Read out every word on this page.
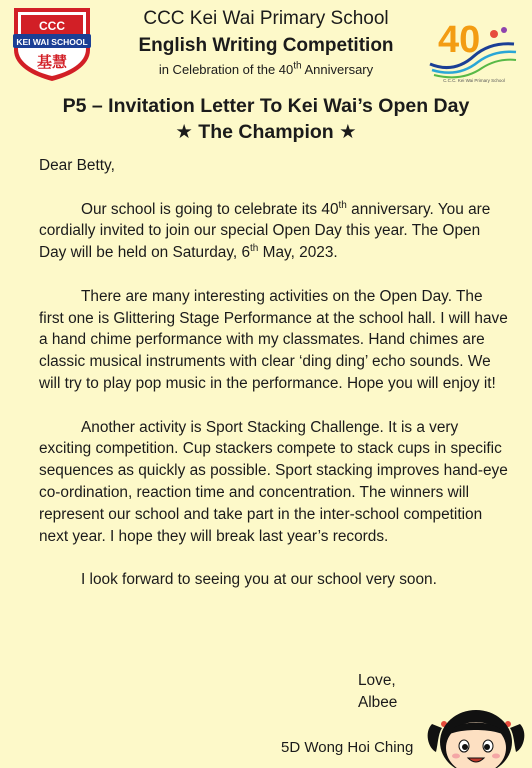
CCC
KEI WAI SCHOOL
基慧
CCC Kei Wai Primary School
English Writing Competition
in Celebration of the 40th Anniversary
40
C.C.C. Kei Wai Primary School
P5 – Invitation Letter To Kei Wai’s Open Day
★ The Champion ★

Dear Betty,

Our school is going to celebrate its 40th anniversary. You are cordially invited to join our special Open Day this year. The Open Day will be held on Saturday, 6th May, 2023.

There are many interesting activities on the Open Day. The first one is Glittering Stage Performance at the school hall. I will have a hand chime performance with my classmates. Hand chimes are classic musical instruments with clear ‘ding ding’ echo sounds. We will try to play pop music in the performance. Hope you will enjoy it!

Another activity is Sport Stacking Challenge. It is a very exciting competition. Cup stackers compete to stack cups in specific sequences as quickly as possible. Sport stacking improves hand-eye co-ordination, reaction time and concentration. The winners will represent our school and take part in the inter-school competition next year. I hope they will break last year’s records.

I look forward to seeing you at our school very soon.

Love,
Albee
5D Wong Hoi Ching
